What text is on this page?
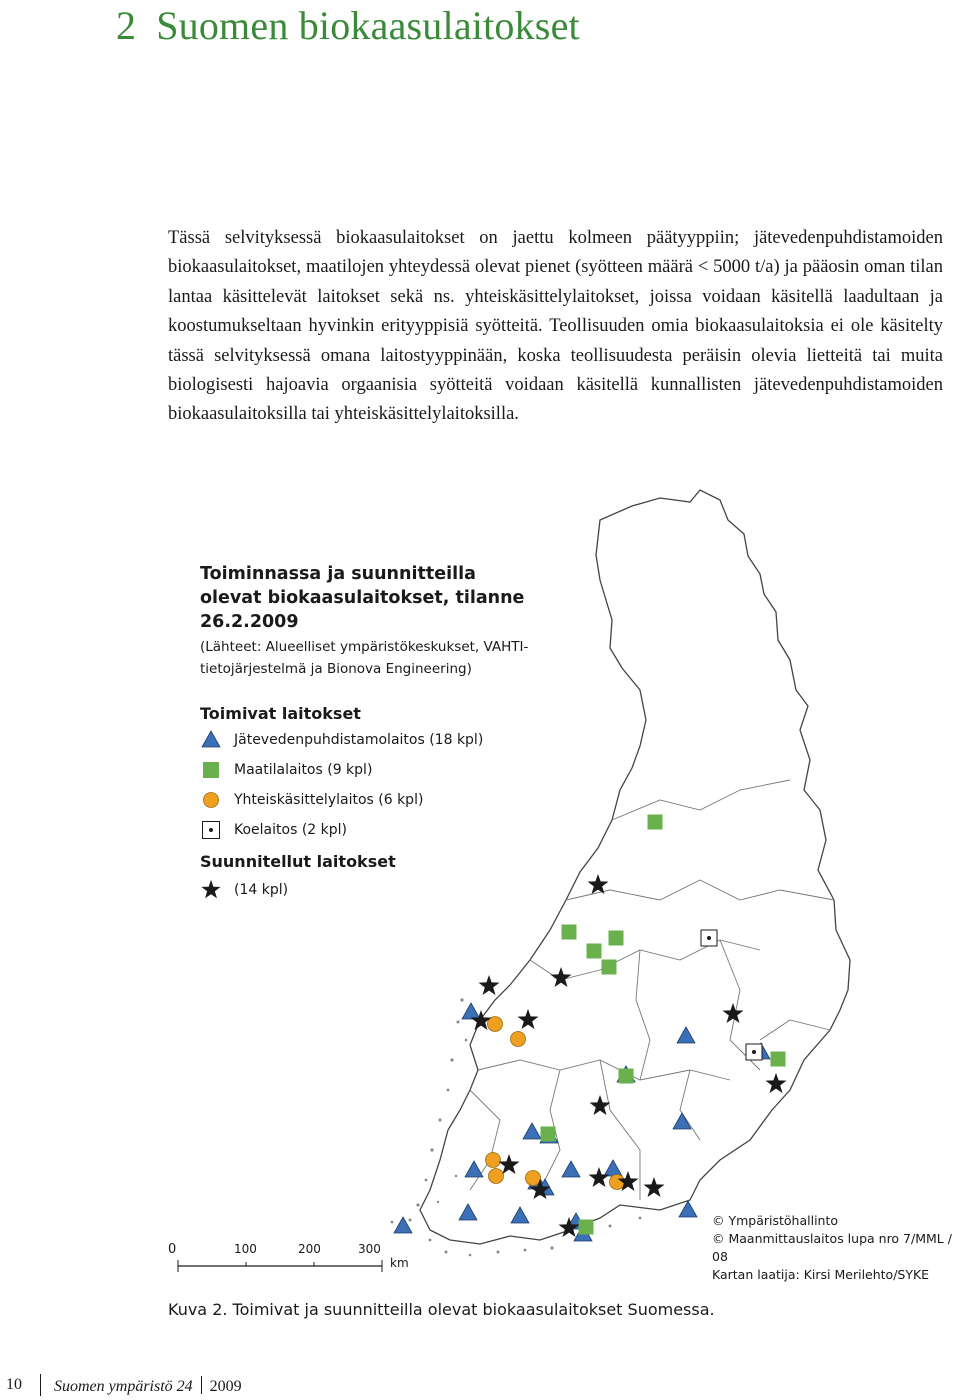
2 Suomen biokaasulaitokset

Tässä selvityksessä biokaasulaitokset on jaettu kolmeen päätyyppiin; jätevedenpuhdistamoiden biokaasulaitokset, maatilojen yhteydessä olevat pienet (syötteen määrä < 5000 t/a) ja pääosin oman tilan lantaa käsittelevät laitokset sekä ns. yhteiskäsittelylaitokset, joissa voidaan käsitellä laadultaan ja koostumukseltaan hyvinkin erityyppisiä syötteitä. Teollisuuden omia biokaasulaitoksia ei ole käsitelty tässä selvityksessä omana laitostyyppinään, koska teollisuudesta peräisin olevia lietteitä tai muita biologisesti hajoavia orgaanisia syötteitä voidaan käsitellä kunnallisten jätevedenpuhdistamoiden biokaasulaitoksilla tai yhteiskäsittelylaitoksilla.

Toiminnassa ja suunnitteilla olevat biokaasulaitokset, tilanne 26.2.2009

(Lähteet: Alueelliset ympäristökeskukset, VAHTI-tietojärjestelmä ja Bionova Engineering)

Toimivat laitokset

Jätevedenpuhdistamolaitos (18 kpl)
Maatilalaitos (9 kpl)
Yhteiskäsittelylaitos (6 kpl)
Koelaitos (2 kpl)

Suunnitellut laitokset

(14 kpl)
0	100	200	300
km
© Ympäristöhallinto
© Maanmittauslaitos lupa nro 7/MML / 08
Kartan laatija: Kirsi Merilehto/SYKE

Kuva 2. Toimivat ja suunnitteilla olevat biokaasulaitokset Suomessa.

10 Suomen ympäristö 24 2009
